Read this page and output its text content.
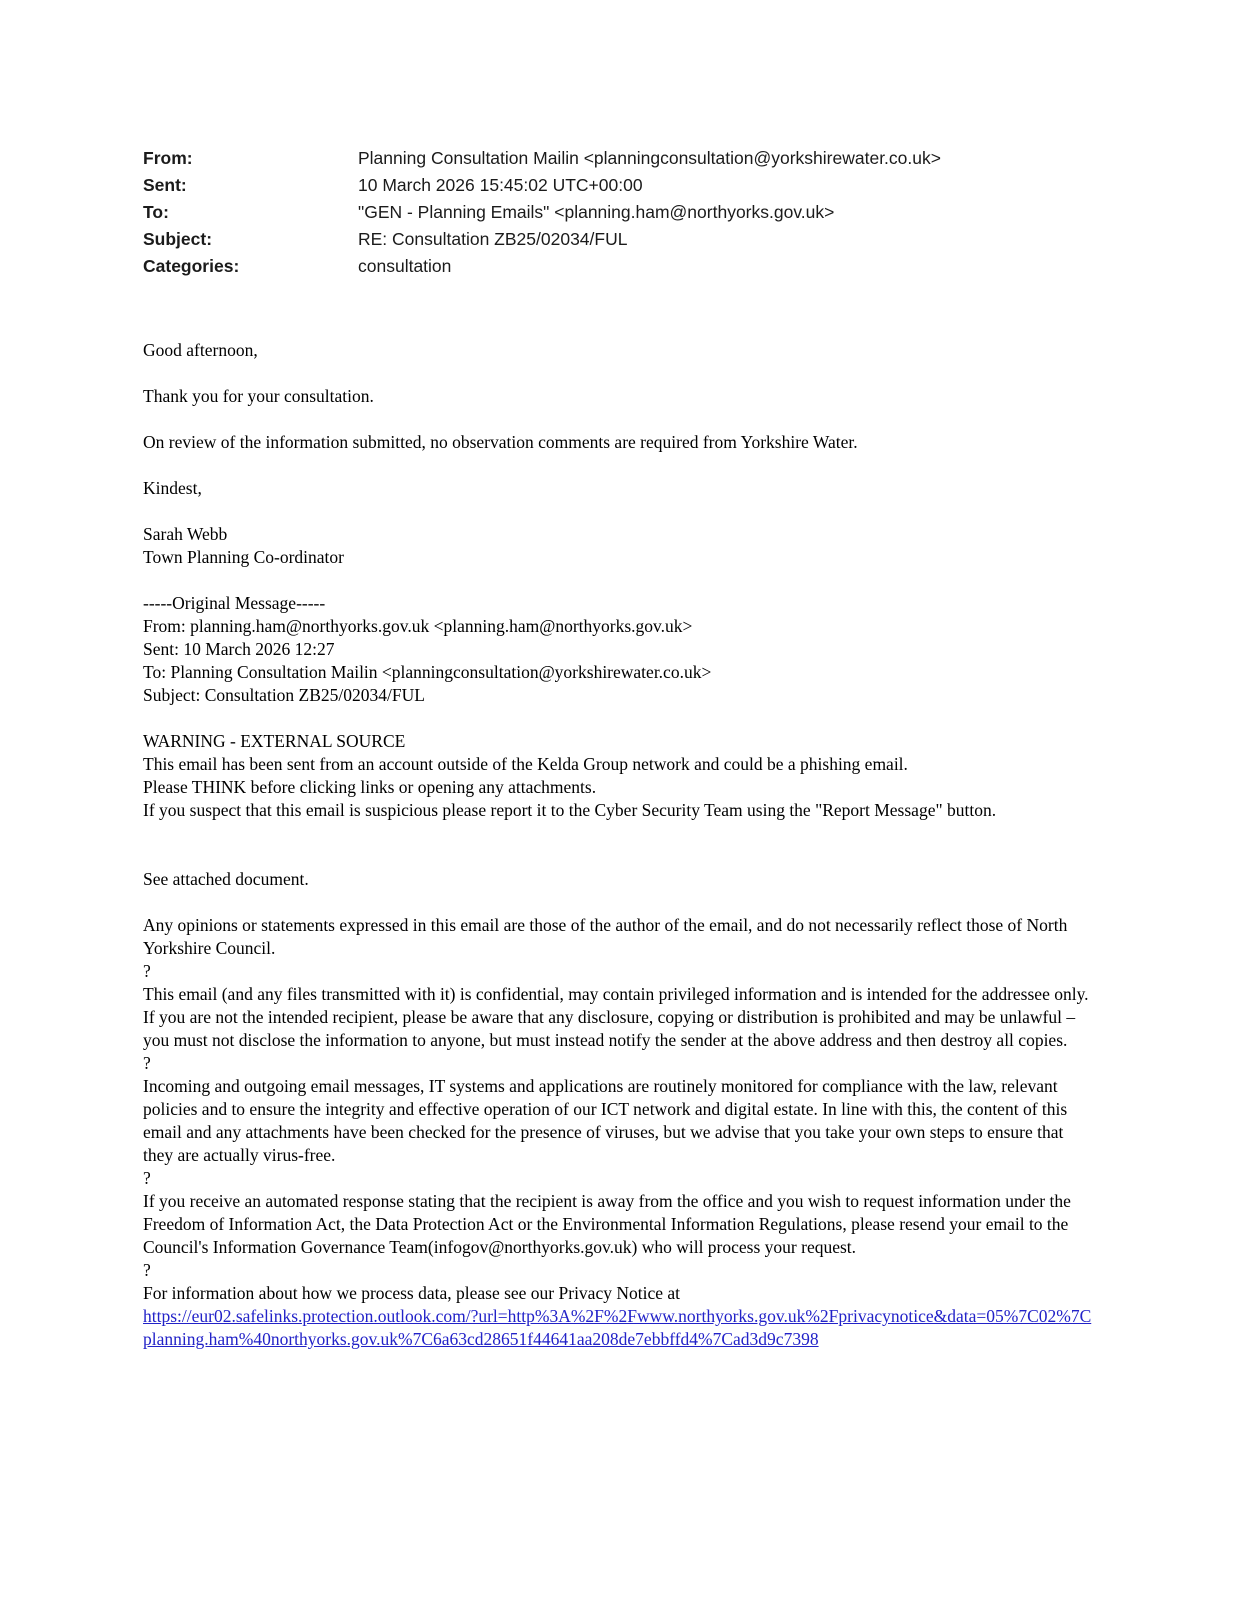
From:	Planning Consultation Mailin <planningconsultation@yorkshirewater.co.uk>
Sent:	10 March 2026 15:45:02 UTC+00:00
To:	"GEN - Planning Emails" <planning.ham@northyorks.gov.uk>
Subject:	RE: Consultation ZB25/02034/FUL
Categories:	consultation

Good afternoon,

Thank you for your consultation.

On review of the information submitted, no observation comments are required from Yorkshire Water.

Kindest,

Sarah Webb
Town Planning Co-ordinator
-----Original Message-----
From: planning.ham@northyorks.gov.uk <planning.ham@northyorks.gov.uk>
Sent: 10 March 2026 12:27
To: Planning Consultation Mailin <planningconsultation@yorkshirewater.co.uk>
Subject: Consultation ZB25/02034/FUL
WARNING - EXTERNAL SOURCE
This email has been sent from an account outside of the Kelda Group network and could be a phishing email.
Please THINK before clicking links or opening any attachments.
If you suspect that this email is suspicious please report it to the Cyber Security Team using the "Report Message" button.

See attached document.

Any opinions or statements expressed in this email are those of the author of the email, and do not necessarily reflect those of North Yorkshire Council.

?

This email (and any files transmitted with it) is confidential, may contain privileged information and is intended for the addressee only. If you are not the intended recipient, please be aware that any disclosure, copying or distribution is prohibited and may be unlawful – you must not disclose the information to anyone, but must instead notify the sender at the above address and then destroy all copies.

?

Incoming and outgoing email messages, IT systems and applications are routinely monitored for compliance with the law, relevant policies and to ensure the integrity and effective operation of our ICT network and digital estate. In line with this, the content of this email and any attachments have been checked for the presence of viruses, but we advise that you take your own steps to ensure that they are actually virus-free.

?

If you receive an automated response stating that the recipient is away from the office and you wish to request information under the Freedom of Information Act, the Data Protection Act or the Environmental Information Regulations, please resend your email to the Council's Information Governance Team(infogov@northyorks.gov.uk) who will process your request.

?

For information about how we process data, please see our Privacy Notice at

https://eur02.safelinks.protection.outlook.com/?url=http%3A%2F%2Fwww.northyorks.gov.uk%2Fprivacynotice&data=05%7C02%7Cplanning.ham%40northyorks.gov.uk%7C6a63cd28651f44641aa208de7ebbffd4%7Cad3d9c7398
